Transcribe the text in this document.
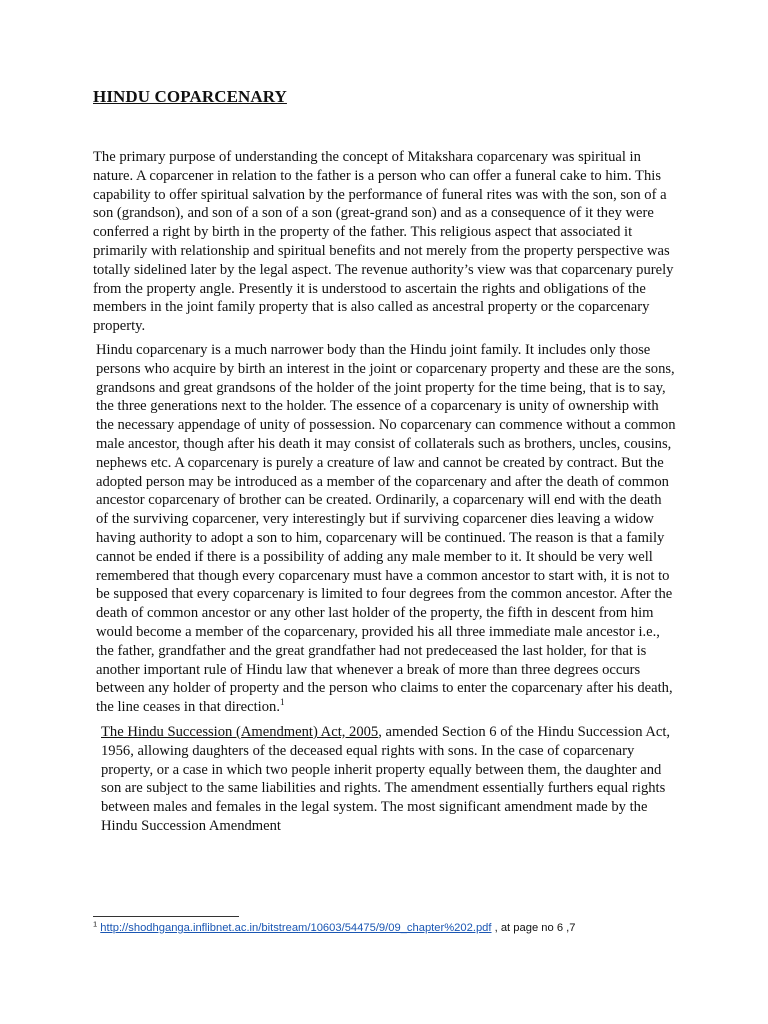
HINDU COPARCENARY

The primary purpose of understanding the concept of Mitakshara coparcenary was spiritual in nature. A coparcener in relation to the father is a person who can offer a funeral cake to him. This capability to offer spiritual salvation by the performance of funeral rites was with the son, son of a son (grandson), and son of a son of a son (great-grand son) and as a consequence of it they were conferred a right by birth in the property of the father. This religious aspect that associated it primarily with relationship and spiritual benefits and not merely from the property perspective was totally sidelined later by the legal aspect. The revenue authority’s view was that coparcenary purely from the property angle. Presently it is understood to ascertain the rights and obligations of the members in the joint family property that is also called as ancestral property or the coparcenary property.

Hindu coparcenary is a much narrower body than the Hindu joint family. It includes only those persons who acquire by birth an interest in the joint or coparcenary property and these are the sons, grandsons and great grandsons of the holder of the joint property for the time being, that is to say, the three generations next to the holder. The essence of a coparcenary is unity of ownership with the necessary appendage of unity of possession. No coparcenary can commence without a common male ancestor, though after his death it may consist of collaterals such as brothers, uncles, cousins, nephews etc. A coparcenary is purely a creature of law and cannot be created by contract. But the adopted person may be introduced as a member of the coparcenary and after the death of common ancestor coparcenary of brother can be created. Ordinarily, a coparcenary will end with the death of the surviving coparcener, very interestingly but if surviving coparcener dies leaving a widow having authority to adopt a son to him, coparcenary will be continued. The reason is that a family cannot be ended if there is a possibility of adding any male member to it. It should be very well remembered that though every coparcenary must have a common ancestor to start with, it is not to be supposed that every coparcenary is limited to four degrees from the common ancestor. After the death of common ancestor or any other last holder of the property, the fifth in descent from him would become a member of the coparcenary, provided his all three immediate male ancestor i.e., the father, grandfather and the great grandfather had not predeceased the last holder, for that is another important rule of Hindu law that whenever a break of more than three degrees occurs between any holder of property and the person who claims to enter the coparcenary after his death, the line ceases in that direction.$^1$

The Hindu Succession (Amendment) Act, 2005, amended Section 6 of the Hindu Succession Act, 1956, allowing daughters of the deceased equal rights with sons. In the case of coparcenary property, or a case in which two people inherit property equally between them, the daughter and son are subject to the same liabilities and rights. The amendment essentially furthers equal rights between males and females in the legal system. The most significant amendment made by the Hindu Succession Amendment

$^1$ http://shodhganga.inflibnet.ac.in/bitstream/10603/54475/9/09_chapter%202.pdf , at page no 6 ,7
